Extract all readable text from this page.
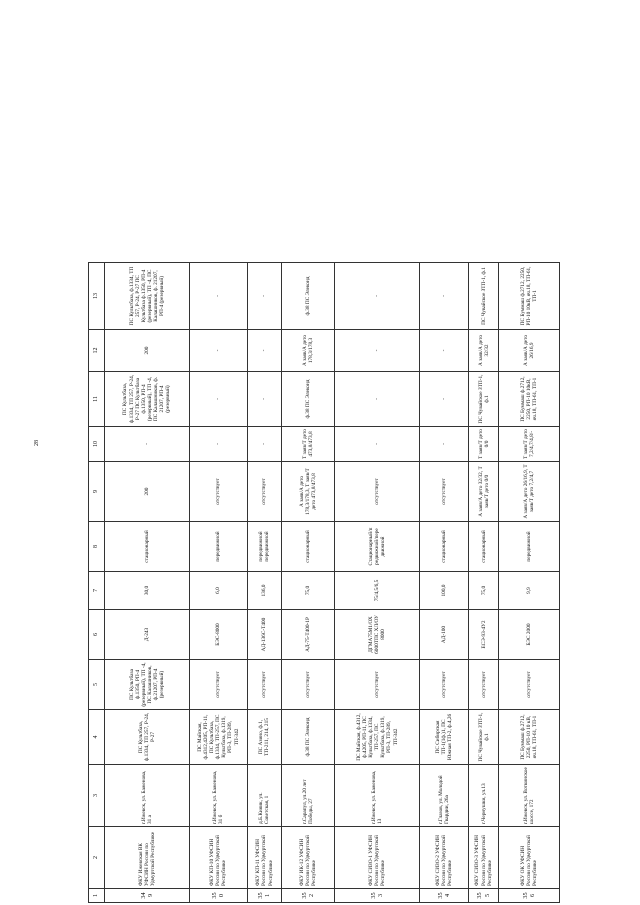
28
1	2	3	4	5	6	7	8	9	10	11	12	13
349	ФКУ Ижевская ВК УФСИН России по Удмуртской Республике	г.Ижевск, ул. Баженова, 31 а	ПС Культбаза, ф.1334, ТП 257, Р-24, Р-27	ПС Культбаза ф.1350, РП-4 (резервный), ТП -4, ПС Калашников, ф.21207, РП-4 (резервный)	Д-243	30,0	стационарный	200	-	ПС Культбаза, ф.1334, ТП 257, Р-24, Р-27 ПС Культбаза ф.1350, РП-4 (резервный), ТП -4, ПС Калашников, ф. 21207, РП-4 (резервный)	200	ПС Культбаза, ф.1334, ТП 257, Р-24, Р-27 ПС Культбаза ф.1350, РП-4 (резервный), ТП -4, ПС Калашников, ф. 21207, РП-4 (резервный)
350	ФКУ КП-10 УФСИН России по Удмуртской Республике	г.Ижевск, ул. Баженова, 31 б	ПС Майская, ф.4312,4205, РП-11, ПС Культбаза, ф.1334, ТП-257, ПС Культбаза, ф.1319, РП-3, ТП-289, ТП-342	отсутствует	БЭС-8000	6,0	передвижной	отсутствует	-	-	-	-
351	ФКУ КП-11 УФСИН России по Удмуртской Республике	д.Б.Кияик, ул. Советская, 1	ПС Азино, ф.1, ТП-211, 214, 215	отсутствует	АД-136С-Т400	136,0	передвижной передвижной	отсутствует	-	-	-	-
352	ФКУ ИК-12 УФСИН России по Удмуртской Республике	г.Сарапул, ул.20 лет Победы, 27	ф.38 ПС Элеконд	отсутствует	АД-75-Т400-1Р	75,0	стационарный	А заяв/А дето 178,3/178,3, Т заяв/Т дето 473,8/473,8	Т заяв/Т дето 473,8/473,8	ф.38 ПС Элеконд	А заяв/А дето 178,3/178,3	ф.38 ПС Элеконд
353	ФКУ СИЗО-1 УФСИН России по Удмуртской Республике	г.Ижевск, ул. Баженова, 13	ПС Майская, ф.4312, ф.4205, РП-11, ПС Культбаза, ф.1334, ТП-257, ПС Культбаза, ф.1319, РП-3, ТП-289, ТП-342	отсутствует	ДГМА75М1/ОХ 6000ТПС ХЛ/ОУ 8000	75/4,5/6,5	Стационарный/п редвижной/пере движной	отсутствует	-	-	-	-
354	ФКУ СИЗО-2 УФСИН России по Удмуртской Республике	г.Глазов, ул. Молодой Гвардии, 26а	ПС Сибирская ТП-1(1ф.)1, ПС Южная ТП-2, ф.4,26	отсутствует	АД-100	100,0	стационарный	отсутствует	-	-	-	-
355	ФКУ СИЗО-3 УФСИН России по Удмуртской Республике	г.Чернушки, ул.13	ПС Чувайское ЗТП-1, ф.1	отсутствует	ЕСЭ-93-4У2	75,0	стационарный	А заяв/А дето 32/32, Т заяв/Т дето 0/0	Т заяв/Т дето 0/0	ПС Чувайское ЗТП-1, ф.1	А заяв/А дето 32/32	ПС Чувайское ЗТП-1, ф.1
356	ФКУ ОК УФСИН России по Удмуртской Республике	г.Ижевск, ул. Воткинское шоссе, 172	ПС Буммаш ф.2712, 2250, РП-10 10 кВ, яч.18, ТП-61, ТП-1	отсутствует	БЭС 2000	9,9	передвижной	А заяв/А дето 26/16,9, Т заяв/Т дето 7,2/4,7	Т заяв/Т дето 7,2/4,7/4,8/-	ПС Буммаш ф.2712, 2250, РП-10 10кВ, яч.18, ТП-61, ТП-1	А заяв/А дето 26/16,9	ПС Буммаш ф.2712, 2250, РП-10 10кВ, яч.18, ТП-61, ТП-1
